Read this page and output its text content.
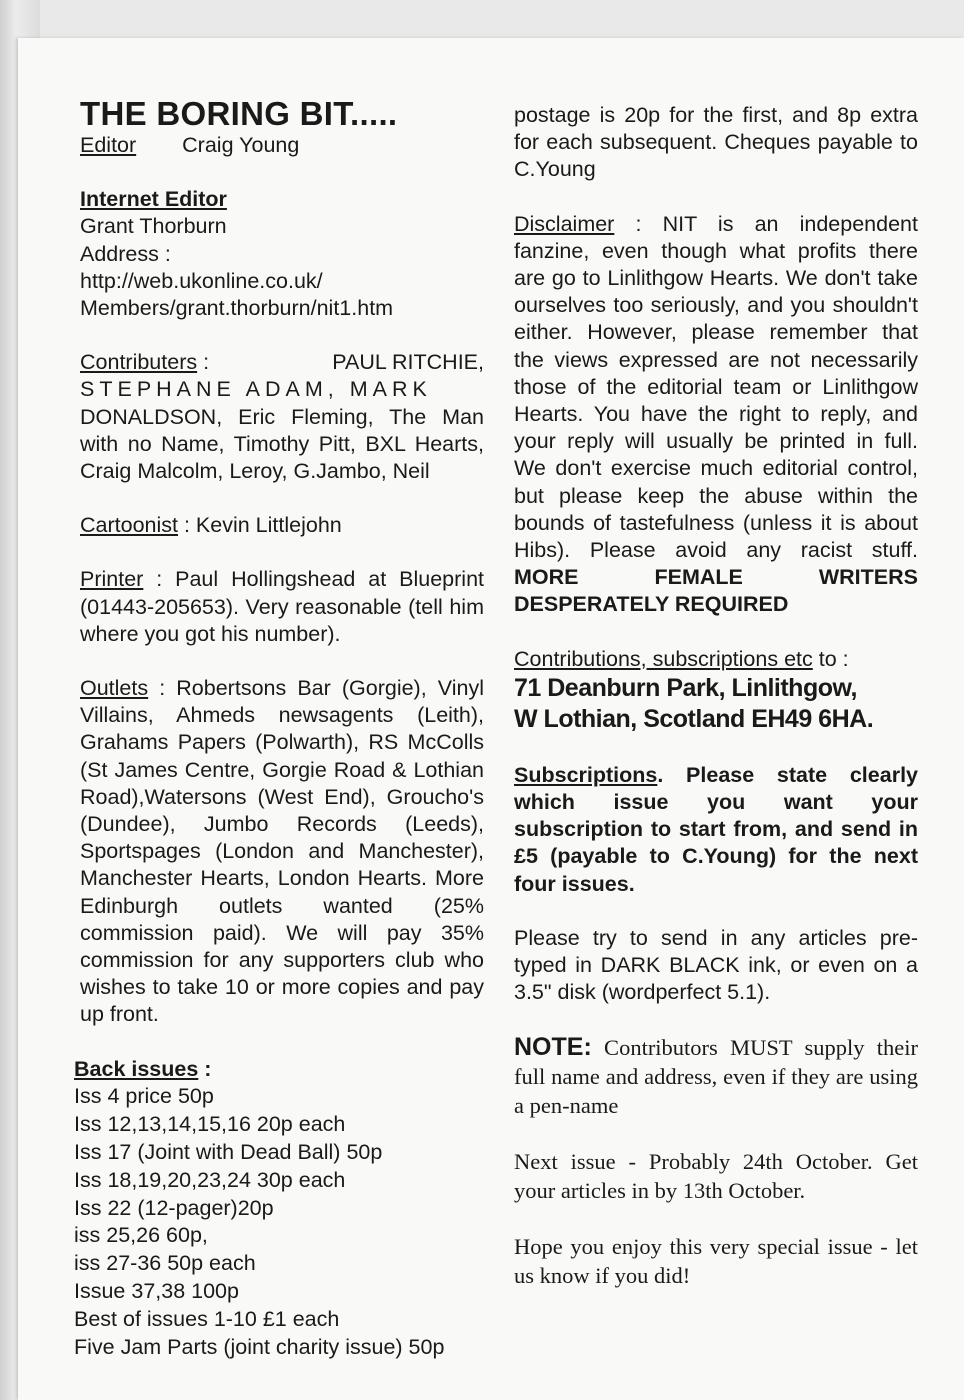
THE BORING BIT.....
Editor Craig Young
Internet Editor
Grant Thorburn
Address :
http://web.ukonline.co.uk/
Members/grant.thorburn/nit1.htm
Contributers :	PAUL RITCHIE,
STEPHANE ADAM, MARK
DONALDSON, Eric Fleming, The Man with no Name, Timothy Pitt, BXL Hearts, Craig Malcolm, Leroy, G.Jambo, Neil
Cartoonist : Kevin Littlejohn
Printer : Paul Hollingshead at Blueprint (01443-205653). Very reasonable (tell him where you got his number).
Outlets : Robertsons Bar (Gorgie), Vinyl Villains, Ahmeds newsagents (Leith), Grahams Papers (Polwarth), RS McColls (St James Centre, Gorgie Road & Lothian Road),Watersons (West End), Groucho's (Dundee), Jumbo Records (Leeds), Sportspages (London and Manchester), Manchester Hearts, London Hearts. More Edinburgh outlets wanted (25% commission paid). We will pay 35% commission for any supporters club who wishes to take 10 or more copies and pay up front.
Back issues :
Iss 4 price 50p
Iss 12,13,14,15,16 20p each
Iss 17 (Joint with Dead Ball) 50p
Iss 18,19,20,23,24 30p each
Iss 22 (12-pager)20p
iss 25,26 60p,
iss 27-36 50p each
Issue 37,38 100p
Best of issues 1-10 £1 each
Five Jam Parts (joint charity issue) 50p
postage is 20p for the first, and 8p extra for each subsequent. Cheques payable to C.Young
Disclaimer : NIT is an independent fanzine, even though what profits there are go to Linlithgow Hearts. We don't take ourselves too seriously, and you shouldn't either. However, please remember that the views expressed are not necessarily those of the editorial team or Linlithgow Hearts. You have the right to reply, and your reply will usually be printed in full. We don't exercise much editorial control, but please keep the abuse within the bounds of tastefulness (unless it is about Hibs). Please avoid any racist stuff. MORE FEMALE WRITERS DESPERATELY REQUIRED
Contributions, subscriptions etc to :
71 Deanburn Park, Linlithgow,
W Lothian, Scotland EH49 6HA.
Subscriptions. Please state clearly which issue you want your subscription to start from, and send in £5 (payable to C.Young) for the next four issues.
Please try to send in any articles pre-typed in DARK BLACK ink, or even on a 3.5" disk (wordperfect 5.1).
NOTE: Contributors MUST supply their full name and address, even if they are using a pen-name
Next issue - Probably 24th October. Get your articles in by 13th October.
Hope you enjoy this very special issue - let us know if you did!
